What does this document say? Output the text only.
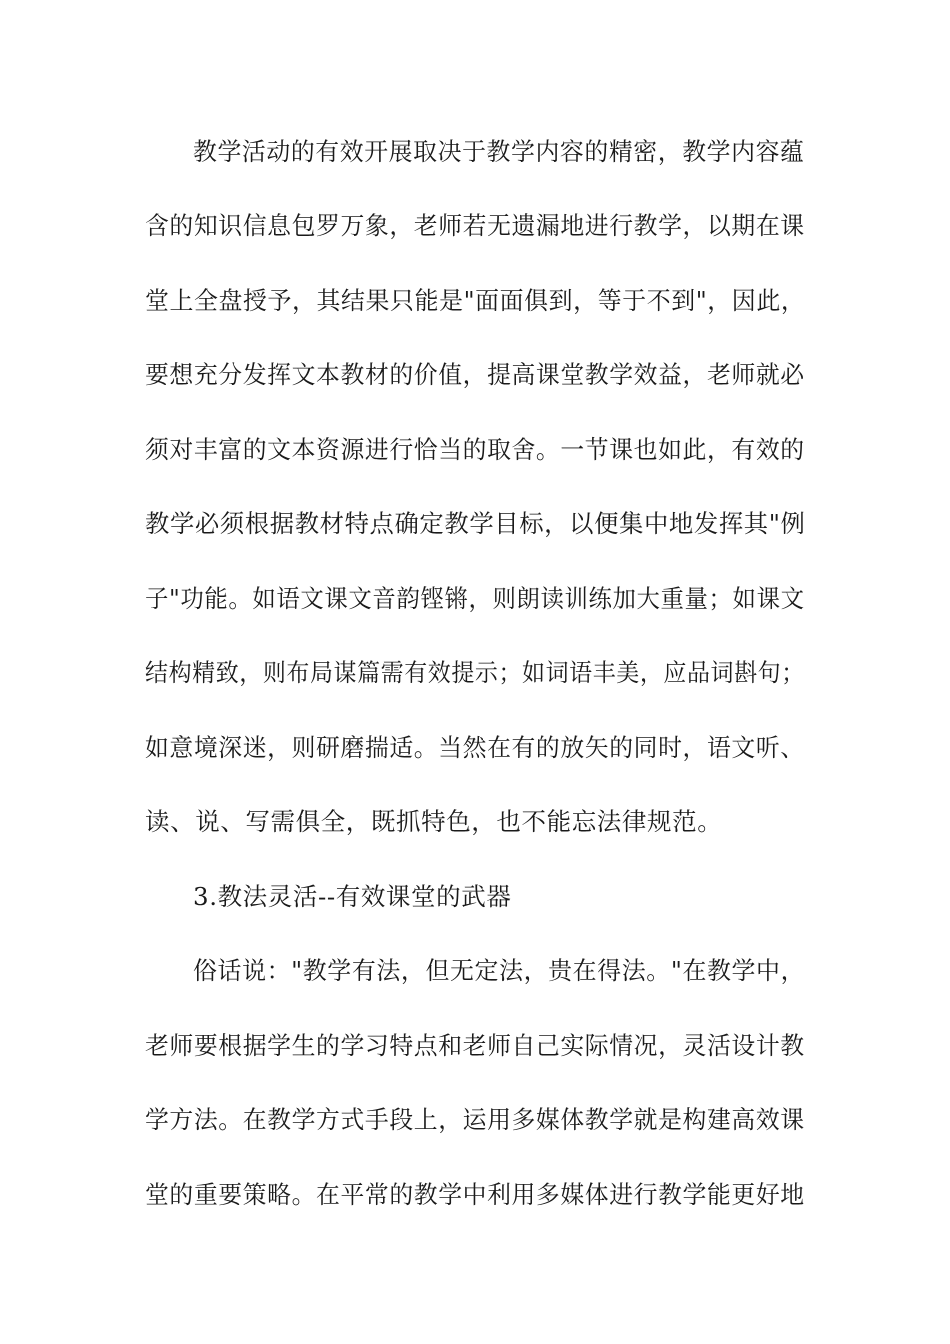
教学活动的有效开展取决于教学内容的精密，教学内容蕴
含的知识信息包罗万象，老师若无遗漏地进行教学，以期在课
堂上全盘授予，其结果只能是"面面俱到，等于不到"，因此，
要想充分发挥文本教材的价值，提高课堂教学效益，老师就必
须对丰富的文本资源进行恰当的取舍。一节课也如此，有效的
教学必须根据教材特点确定教学目标，以便集中地发挥其"例
子"功能。如语文课文音韵铿锵，则朗读训练加大重量；如课文
结构精致，则布局谋篇需有效提示；如词语丰美，应品词斟句；
如意境深迷，则研磨揣适。当然在有的放矢的同时，语文听、
读、说、写需俱全，既抓特色，也不能忘法律规范。
3.教法灵活--有效课堂的武器
俗话说："教学有法，但无定法，贵在得法。"在教学中，
老师要根据学生的学习特点和老师自己实际情况，灵活设计教
学方法。在教学方式手段上，运用多媒体教学就是构建高效课
堂的重要策略。在平常的教学中利用多媒体进行教学能更好地
